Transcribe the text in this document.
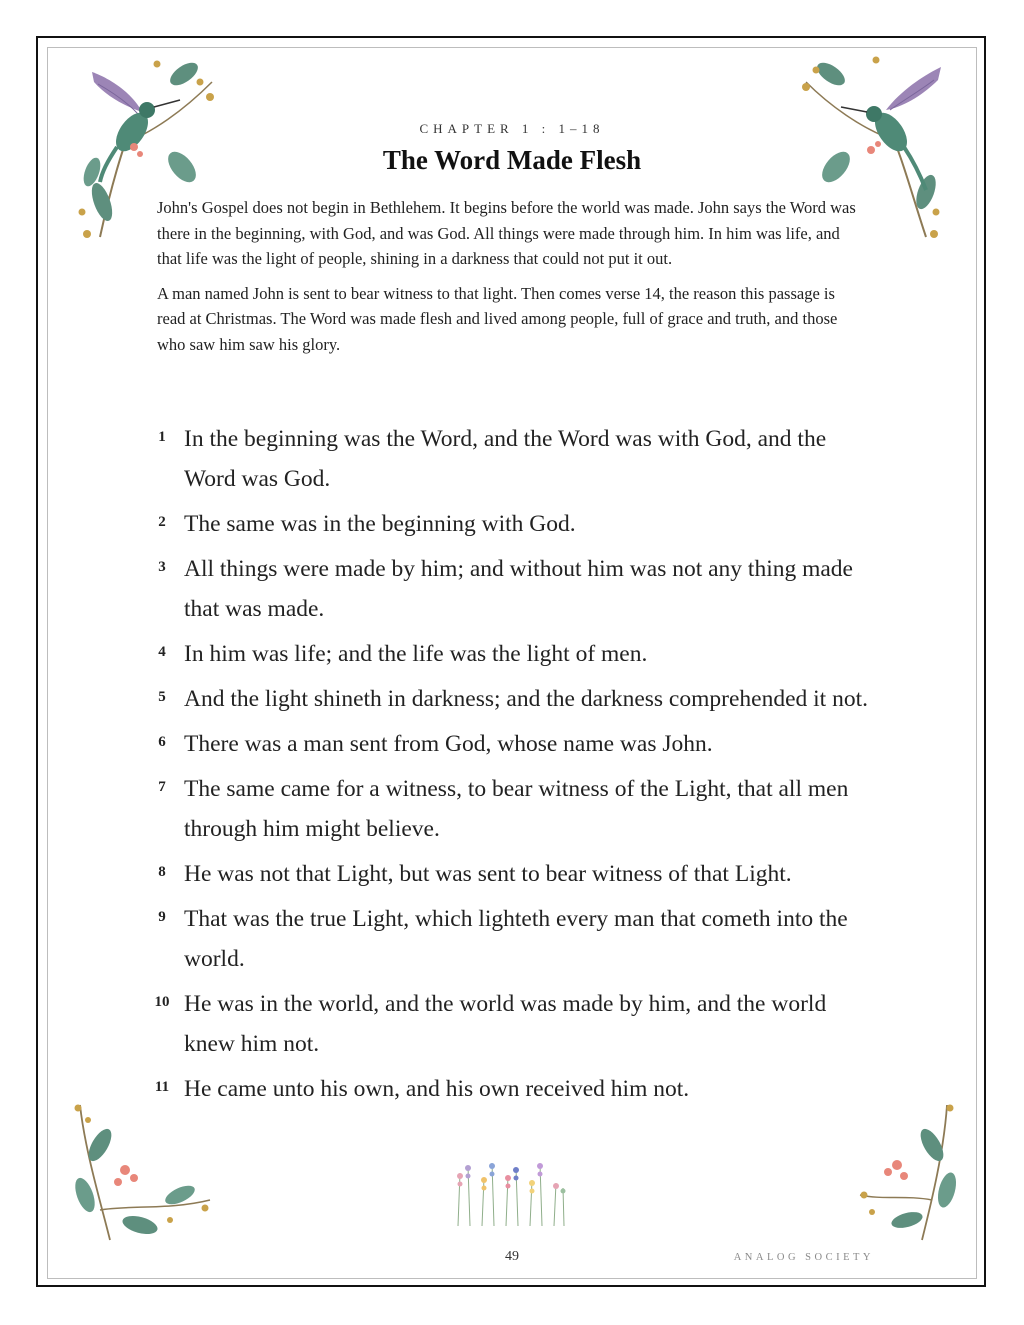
CHAPTER 1 : 1–18
The Word Made Flesh

John's Gospel does not begin in Bethlehem. It begins before the world was made. John says the Word was there in the beginning, with God, and was God. All things were made through him. In him was life, and that life was the light of people, shining in a darkness that could not put it out.

A man named John is sent to bear witness to that light. Then comes verse 14, the reason this passage is read at Christmas. The Word was made flesh and lived among people, full of grace and truth, and those who saw him saw his glory.

1 In the beginning was the Word, and the Word was with God, and the Word was God.
2 The same was in the beginning with God.
3 All things were made by him; and without him was not any thing made that was made.
4 In him was life; and the life was the light of men.
5 And the light shineth in darkness; and the darkness comprehended it not.
6 There was a man sent from God, whose name was John.
7 The same came for a witness, to bear witness of the Light, that all men through him might believe.
8 He was not that Light, but was sent to bear witness of that Light.
9 That was the true Light, which lighteth every man that cometh into the world.
10 He was in the world, and the world was made by him, and the world knew him not.
11 He came unto his own, and his own received him not.
49	ANALOG SOCIETY
